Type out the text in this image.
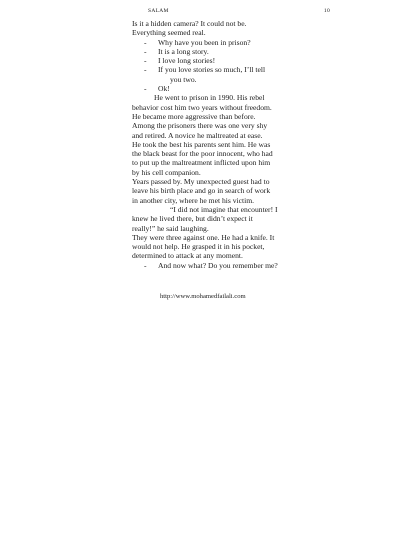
SALAM	10

Is it a hidden camera? It could not be.

Everything seemed real.

-	Why have you been in prison?

-	It is a long story.

-	I love long stories!

-	If you love stories so much, I’ll tell

you two.

-	Ok!

He went to prison in 1990. His rebel

behavior cost him two years without freedom.

He became more aggressive than before.

Among the prisoners there was one very shy

and retired. A novice he maltreated at ease.

He took the best his parents sent him. He was

the black beast for the poor innocent, who had

to put up the maltreatment inflicted upon him

by his cell companion.

Years passed by. My unexpected guest had to

leave his birth place and go in search of work

in another city, where he met his victim.

“I did not imagine that encounter! I

knew he lived there, but didn’t expect it

really!” he said laughing.

They were three against one. He had a knife. It

would not help. He grasped it in his pocket,

determined to attack at any moment.

-	And now what? Do you remember me?

http://www.mohamedfailali.com
